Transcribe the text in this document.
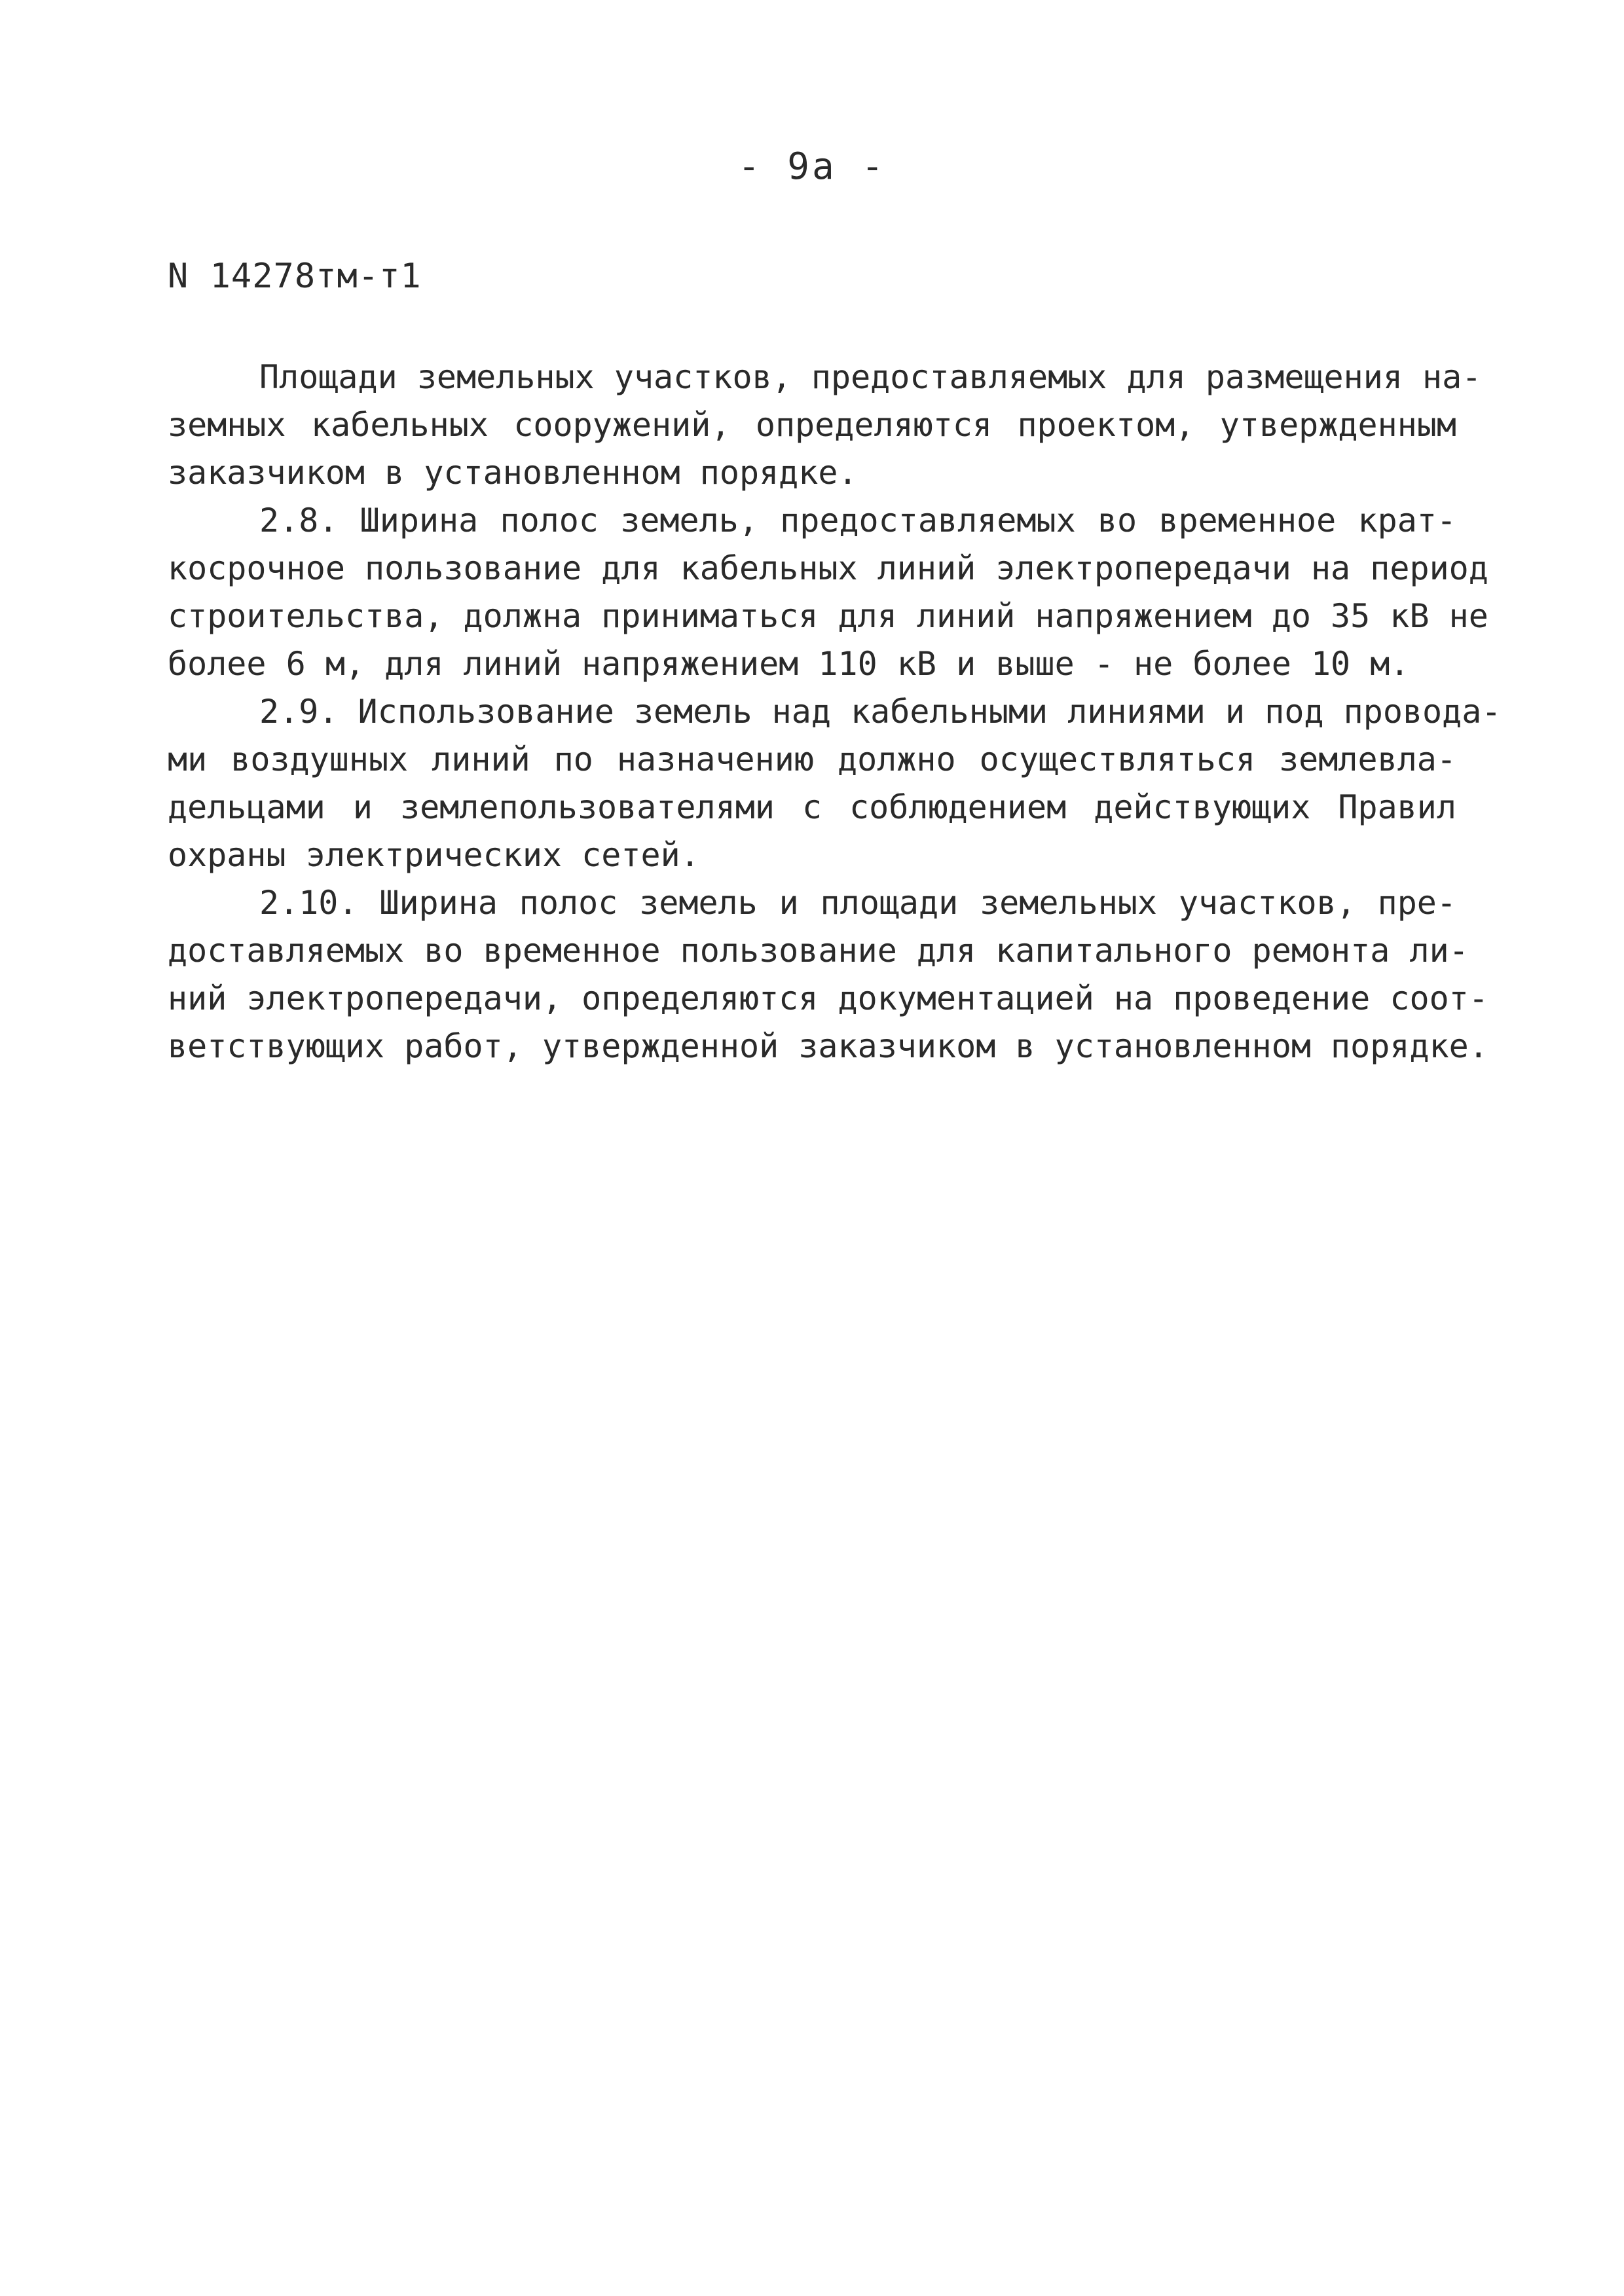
- 9а -
N 14278тм-т1
Площади земельных участков, предоставляемых для размещения на-
земных кабельных сооружений, определяются проектом, утвержденным
заказчиком в установленном порядке.
2.8. Ширина полос земель, предоставляемых во временное крат-
косрочное пользование для кабельных линий электропередачи на период
строительства, должна приниматься для линий напряжением до 35 кВ не
более 6 м, для линий напряжением 110 кВ и выше - не более 10 м.
2.9. Использование земель над кабельными линиями и под провода-
ми воздушных линий по назначению должно осуществляться землевла-
дельцами и землепользователями с соблюдением действующих Правил
охраны электрических сетей.
2.10. Ширина полос земель и площади земельных участков, пре-
доставляемых во временное пользование для капитального ремонта ли-
ний электропередачи, определяются документацией на проведение соот-
ветствующих работ, утвержденной заказчиком в установленном порядке.
